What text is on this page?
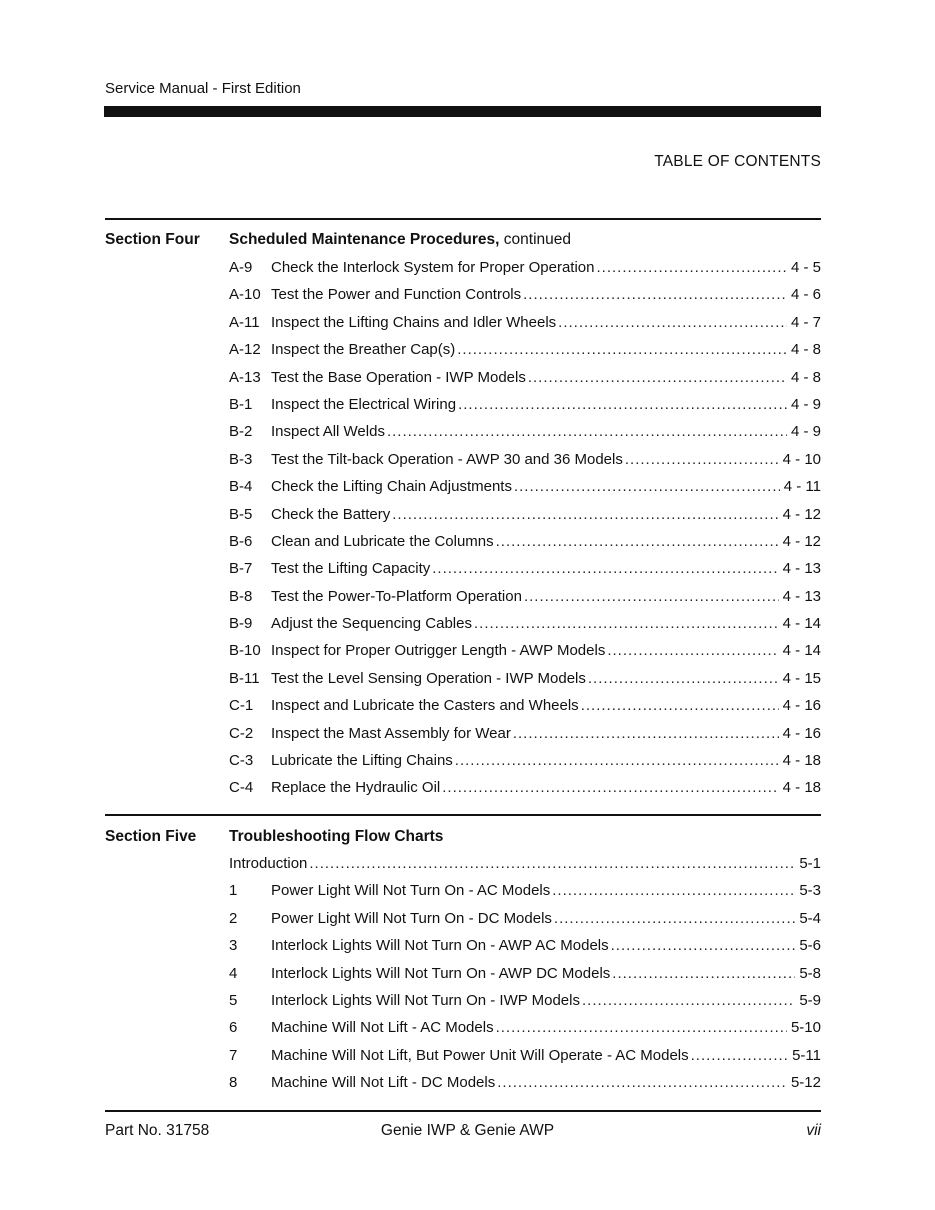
Service Manual - First Edition
TABLE OF CONTENTS
Section Four Scheduled Maintenance Procedures, continued
A-9	Check the Interlock System for Proper Operation .....	4 - 5
A-10 Test the Power and Function Controls .....	4 - 6
A-11 Inspect the Lifting Chains and Idler Wheels .....	4 - 7
A-12 Inspect the Breather Cap(s) .....	4 - 8
A-13 Test the Base Operation - IWP Models .....	4 - 8
B-1	Inspect the Electrical Wiring .....	4 - 9
B-2	Inspect All Welds .....	4 - 9
B-3	Test the Tilt-back Operation - AWP 30 and 36 Models .....	4 - 10
B-4	Check the Lifting Chain Adjustments .....	4 - 11
B-5	Check the Battery .....	4 - 12
B-6	Clean and Lubricate the Columns .....	4 - 12
B-7	Test the Lifting Capacity .....	4 - 13
B-8	Test the Power-To-Platform Operation .....	4 - 13
B-9	Adjust the Sequencing Cables .....	4 - 14
B-10 Inspect for Proper Outrigger Length - AWP Models .....	4 - 14
B-11 Test the Level Sensing Operation - IWP Models .....	4 - 15
C-1	Inspect and Lubricate the Casters and Wheels .....	4 - 16
C-2	Inspect the Mast Assembly for Wear .....	4 - 16
C-3	Lubricate the Lifting Chains .....	4 - 18
C-4	Replace the Hydraulic Oil .....	4 - 18
Section Five Troubleshooting Flow Charts
Introduction .....	5-1
1	Power Light Will Not Turn On - AC Models .....	5-3
2	Power Light Will Not Turn On - DC Models .....	5-4
3	Interlock Lights Will Not Turn On - AWP AC Models .....	5-6
4	Interlock Lights Will Not Turn On - AWP DC Models .....	5-8
5	Interlock Lights Will Not Turn On - IWP Models .....	5-9
6	Machine Will Not Lift - AC Models .....	5-10
7	Machine Will Not Lift, But Power Unit Will Operate - AC Models .....	5-11
8	Machine Will Not Lift - DC Models .....	5-12
Part No. 31758	Genie IWP & Genie AWP	vii
